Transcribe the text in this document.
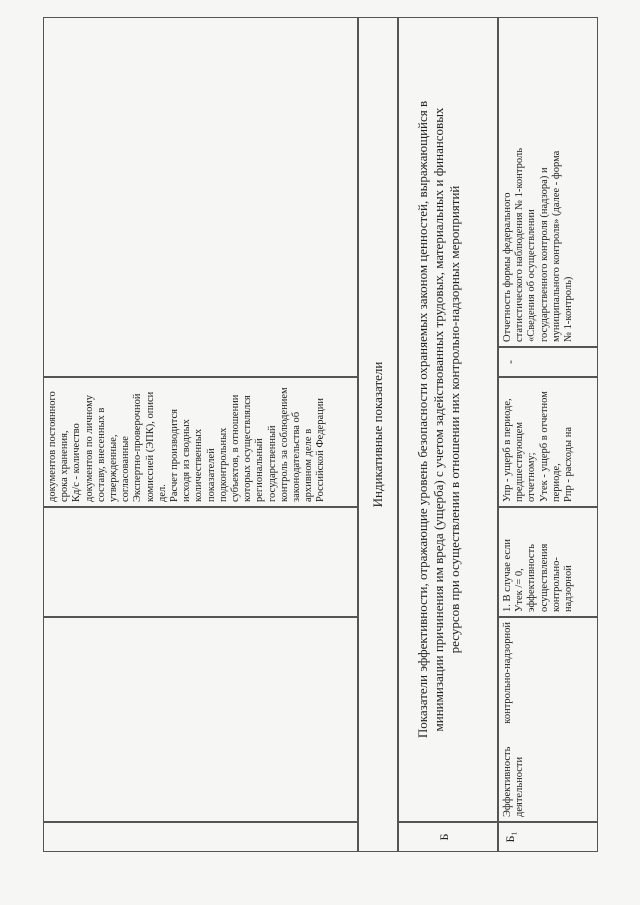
документов постоянного срока хранения, Кд/с - количество документов по личному составу, внесенных в утвержденные, согласованные Экспертно-проверочной комиссией (ЭПК), описи дел. Расчет производится исходя из сводных количественных показателей подконтрольных субъектов, в отношении которых осуществлялся региональный государственный контроль за соблюдением законодательства об архивном деле в Российской Федерации	Индикативные показатели
Б
Показатели эффективности, отражающие уровень безопасности охраняемых законом ценностей, выражающийся в минимизации причинения им вреда (ущерба) с учетом задействованных трудовых, материальных и финансовых ресурсов при осуществлении в отношении них контрольно-надзорных мероприятий
Б₁
Эффективность контрольно-надзорной деятельности
1. В случае если Утек /= 0, эффективность осуществления контрольно- надзорной
Упр - ущерб в периоде, предшествующем отчетному; Утек - ущерб в отчетном периоде, Рпр - расходы на
-
Отчетность формы федерального статистического наблюдения № 1-контроль «Сведения об осуществлении государственного контроля (надзора) и муниципального контроля» (далее - форма № 1-контроль)
